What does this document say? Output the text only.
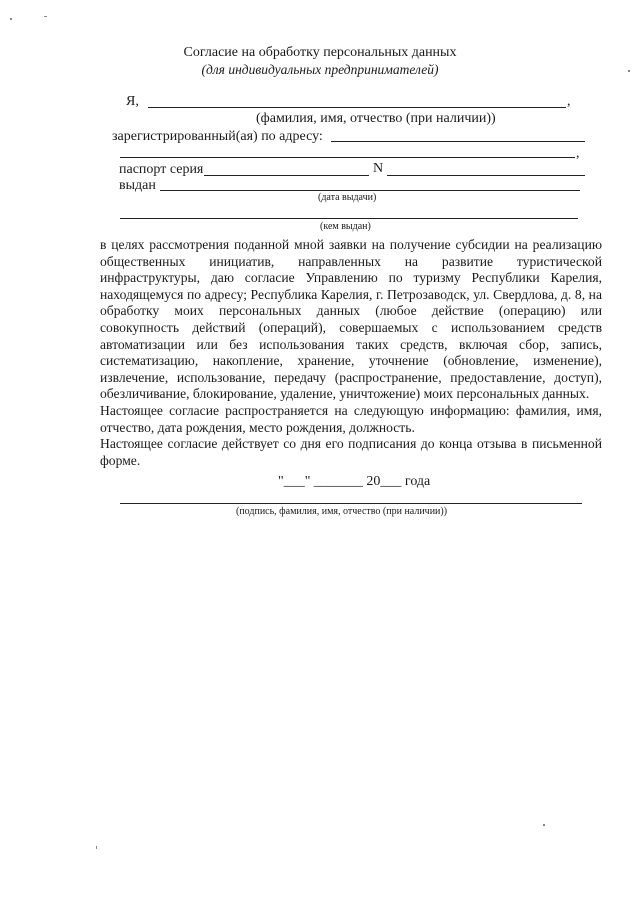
Согласие на обработку персональных данных
(для индивидуальных предпринимателей)
Я,	,
(фамилия, имя, отчество (при наличии))
зарегистрированный(ая) по адресу:
,
паспорт серия	N
выдан
(дата выдачи)
(кем выдан)

в целях рассмотрения поданной мной заявки на получение субсидии на реализацию общественных инициатив, направленных на развитие туристической инфраструктуры, даю согласие Управлению по туризму Республики Карелия, находящемуся по адресу; Республика Карелия, г. Петрозаводск, ул. Свердлова, д. 8, на обработку моих персональных данных (любое действие (операцию) или совокупность действий (операций), совершаемых с использованием средств автоматизации или без использования таких средств, включая сбор, запись, систематизацию, накопление, хранение, уточнение (обновление, изменение), извлечение, использование, передачу (распространение, предоставление, доступ), обезличивание, блокирование, удаление, уничтожение) моих персональных данных.

Настоящее согласие распространяется на следующую информацию: фамилия, имя, отчество, дата рождения, место рождения, должность.

Настоящее согласие действует со дня его подписания до конца отзыва в письменной форме.

"___" _______ 20___ года
(подпись, фамилия, имя, отчество (при наличии))
